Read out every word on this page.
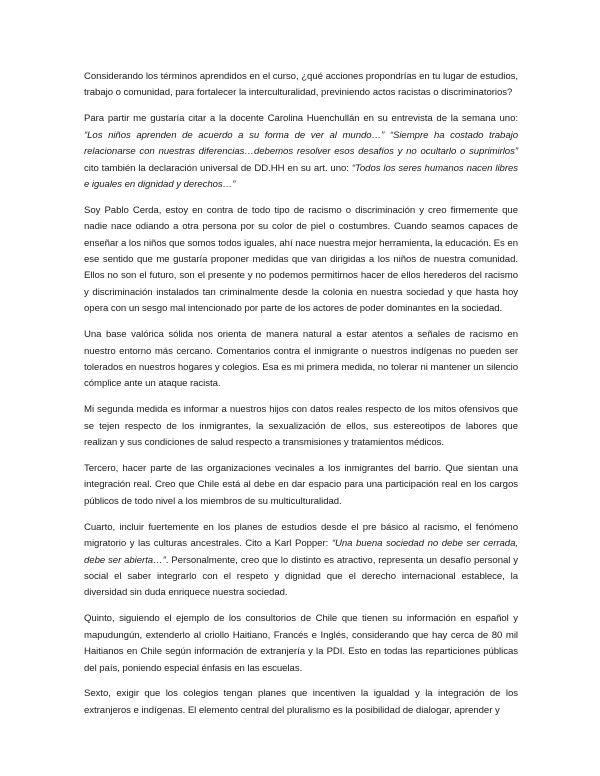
Considerando los términos aprendidos en el curso, ¿qué acciones propondrías en tu lugar de estudios, trabajo o comunidad, para fortalecer la interculturalidad, previniendo actos racistas o discriminatorios?

Para partir me gustaría citar a la docente Carolina Huenchullán en su entrevista de la semana uno: “Los niños aprenden de acuerdo a su forma de ver al mundo…” “Siempre ha costado trabajo relacionarse con nuestras diferencias…debemos resolver esos desafíos y no ocultarlo o suprimirlos” cito también la declaración universal de DD.HH en su art. uno: “Todos los seres humanos nacen libres e iguales en dignidad y derechos…”

Soy Pablo Cerda, estoy en contra de todo tipo de racismo o discriminación y creo firmemente que nadie nace odiando a otra persona por su color de piel o costumbres. Cuando seamos capaces de enseñar a los niños que somos todos iguales, ahí nace nuestra mejor herramienta, la educación. Es en ese sentido que me gustaría proponer medidas que van dirigidas a los niños de nuestra comunidad. Ellos no son el futuro, son el presente y no podemos permitirnos hacer de ellos herederos del racismo y discriminación instalados tan criminalmente desde la colonia en nuestra sociedad y que hasta hoy opera con un sesgo mal intencionado por parte de los actores de poder dominantes en la sociedad.

Una base valórica sólida nos orienta de manera natural a estar atentos a señales de racismo en nuestro entorno más cercano. Comentarios contra el inmigrante o nuestros indígenas no pueden ser tolerados en nuestros hogares y colegios. Esa es mi primera medida, no tolerar ni mantener un silencio cómplice ante un ataque racista.

Mi segunda medida es informar a nuestros hijos con datos reales respecto de los mitos ofensivos que se tejen respecto de los inmigrantes, la sexualización de ellos, sus estereotipos de labores que realizan y sus condiciones de salud respecto a transmisiones y tratamientos médicos.

Tercero, hacer parte de las organizaciones vecinales a los inmigrantes del barrio. Que sientan una integración real. Creo que Chile está al debe en dar espacio para una participación real en los cargos públicos de todo nivel a los miembros de su multiculturalidad.

Cuarto, incluir fuertemente en los planes de estudios desde el pre básico al racismo, el fenómeno migratorio y las culturas ancestrales. Cito a Karl Popper: “Una buena sociedad no debe ser cerrada, debe ser abierta…”. Personalmente, creo que lo distinto es atractivo, representa un desafío personal y social el saber integrarlo con el respeto y dignidad que el derecho internacional establece, la diversidad sin duda enriquece nuestra sociedad.

Quinto, siguiendo el ejemplo de los consultorios de Chile que tienen su información en español y mapudungún, extenderlo al criollo Haitiano, Francés e Inglés, considerando que hay cerca de 80 mil Haitianos en Chile según información de extranjería y la PDI. Esto en todas las reparticiones públicas del país, poniendo especial énfasis en las escuelas.

Sexto, exigir que los colegios tengan planes que incentiven la igualdad y la integración de los extranjeros e indígenas. El elemento central del pluralismo es la posibilidad de dialogar, aprender y
